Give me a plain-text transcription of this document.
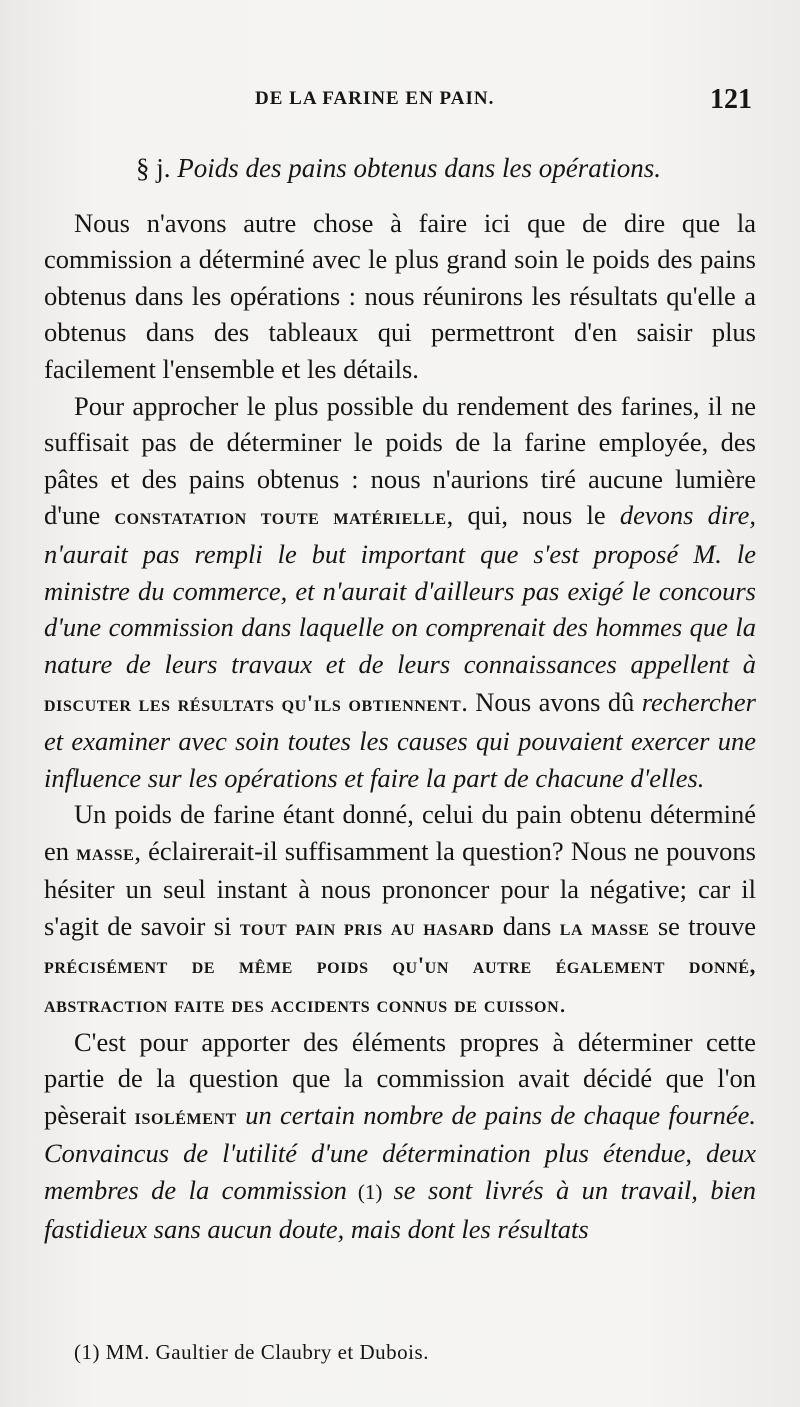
DE LA FARINE EN PAIN.	121
§ j. Poids des pains obtenus dans les opérations.

Nous n'avons autre chose à faire ici que de dire que la commission a déterminé avec le plus grand soin le poids des pains obtenus dans les opérations : nous réunirons les résultats qu'elle a obtenus dans des tableaux qui permettront d'en saisir plus facilement l'ensemble et les détails.

Pour approcher le plus possible du rendement des farines, il ne suffisait pas de déterminer le poids de la farine employée, des pâtes et des pains obtenus : nous n'aurions tiré aucune lumière d'une constatation toute matérielle, qui, nous le devons dire, n'aurait pas rempli le but important que s'est proposé M. le ministre du commerce, et n'aurait d'ailleurs pas exigé le concours d'une commission dans laquelle on comprenait des hommes que la nature de leurs travaux et de leurs connaissances appellent à discuter les résultats qu'ils obtiennent. Nous avons dû rechercher et examiner avec soin toutes les causes qui pouvaient exercer une influence sur les opérations et faire la part de chacune d'elles.

Un poids de farine étant donné, celui du pain obtenu déterminé en masse, éclairerait-il suffisamment la question? Nous ne pouvons hésiter un seul instant à nous prononcer pour la négative; car il s'agit de savoir si tout pain pris au hasard dans la masse se trouve précisément de même poids qu'un autre également donné, abstraction faite des accidents connus de cuisson.

C'est pour apporter des éléments propres à déterminer cette partie de la question que la commission avait décidé que l'on pèserait isolément un certain nombre de pains de chaque fournée. Convaincus de l'utilité d'une détermination plus étendue, deux membres de la commission (1) se sont livrés à un travail, bien fastidieux sans aucun doute, mais dont les résultats

(1) MM. Gaultier de Claubry et Dubois.
